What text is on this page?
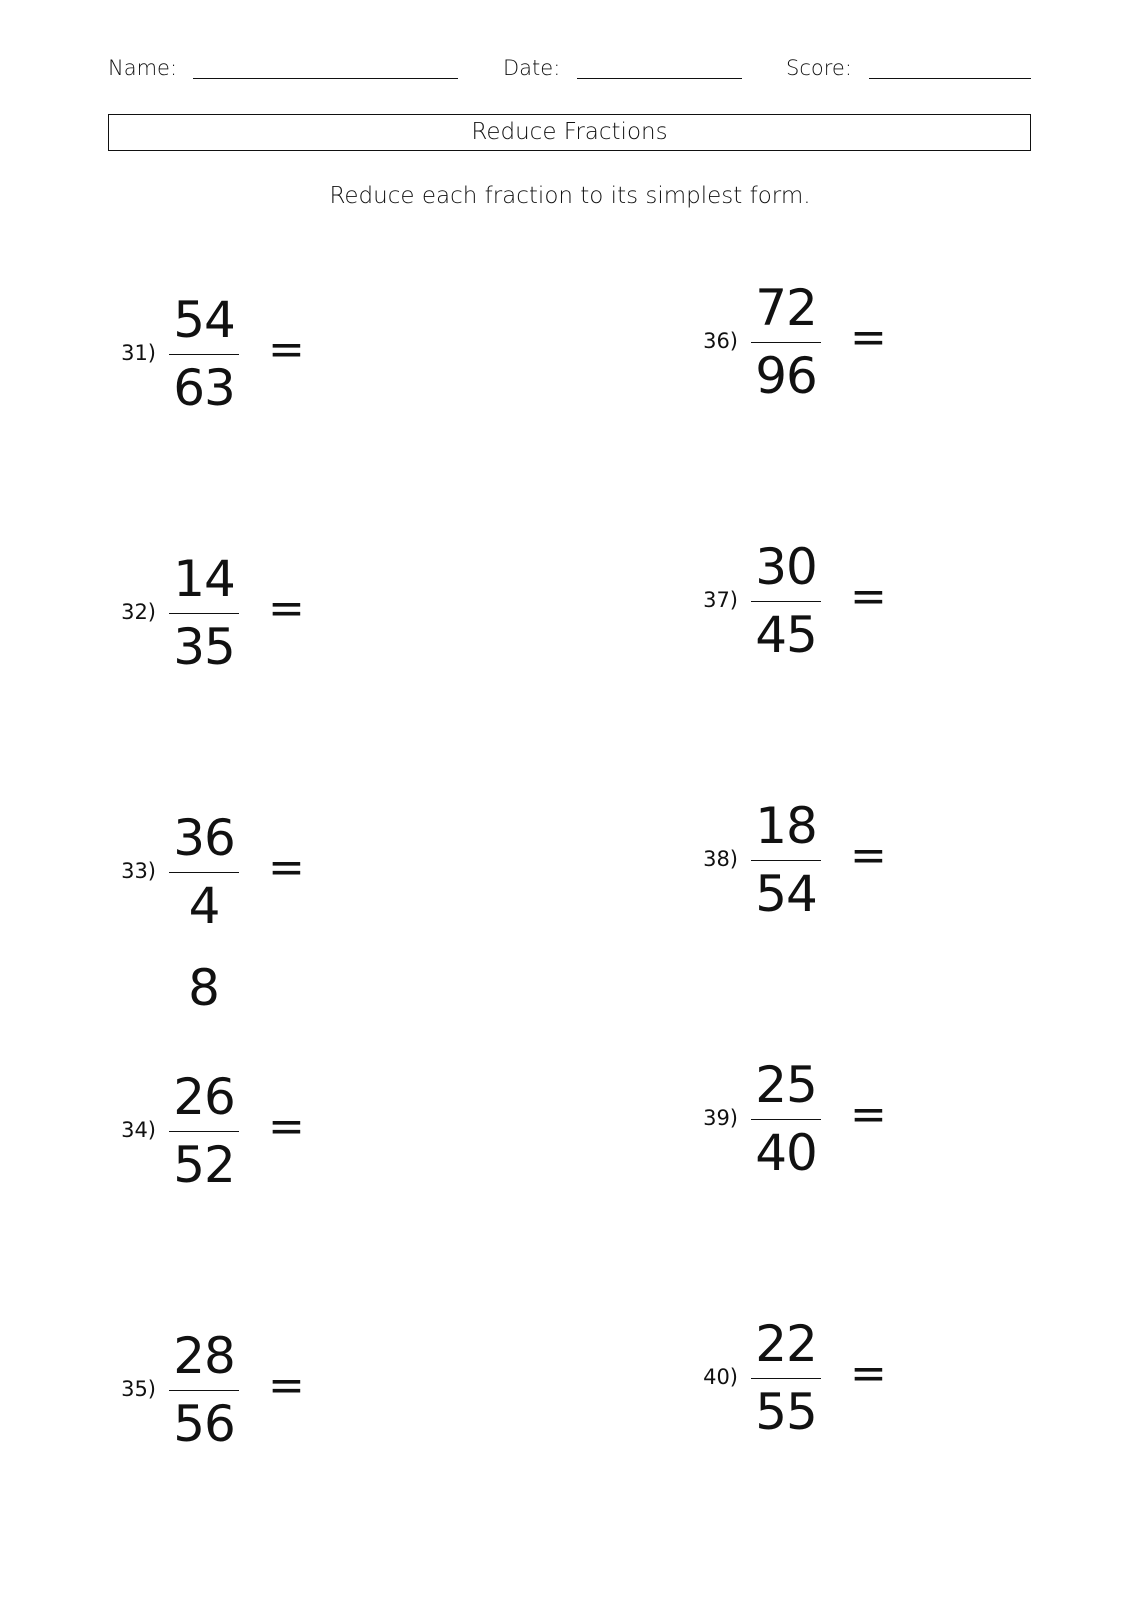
Name:	Date:	Score:
Reduce Fractions
Reduce each fraction to its simplest form.
31)
54
63
=
32)
14
35
=
33)
36
4
=
8
34)
26
52
=
35)
28
56
=
36)
72
96
=
37)
30
45
=
38)
18
54
=
39)
25
40
=
40)
22
55
=
